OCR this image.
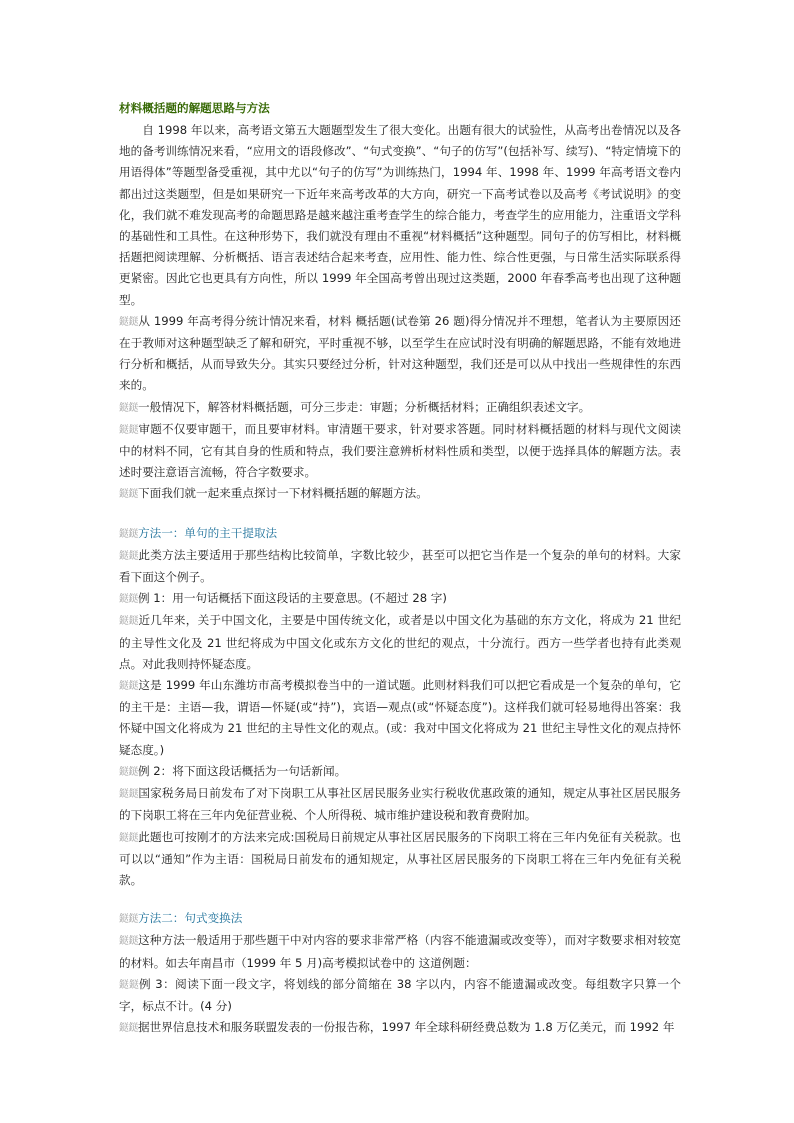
材料概括题的解题思路与方法

自 1998 年以来，高考语文第五大题题型发生了很大变化。出题有很大的试验性，从高考出卷情况以及各地的备考训练情况来看，“应用文的语段修改”、“句式变换”、“句子的仿写”(包括补写、续写)、“特定情境下的用语得体”等题型备受重视，其中尤以“句子的仿写”为训练热门，1994 年、1998 年、1999 年高考语文卷内都出过这类题型，但是如果研究一下近年来高考改革的大方向，研究一下高考试卷以及高考《考试说明》的变化，我们就不难发现高考的命题思路是越来越注重考查学生的综合能力，考查学生的应用能力，注重语文学科的基础性和工具性。在这种形势下，我们就没有理由不重视“材料概括”这种题型。同句子的仿写相比，材料概括题把阅读理解、分析概括、语言表述结合起来考查，应用性、能力性、综合性更强，与日常生活实际联系得更紧密。因此它也更具有方向性，所以 1999 年全国高考曾出现过这类题，2000 年春季高考也出现了这种题型。

鎹鎹从 1999 年高考得分统计情况来看，材料 概括题(试卷第 26 题)得分情况并不理想，笔者认为主要原因还在于教师对这种题型缺乏了解和研究，平时重视不够，以至学生在应试时没有明确的解题思路，不能有效地进行分析和概括，从而导致失分。其实只要经过分析，针对这种题型，我们还是可以从中找出一些规律性的东西来的。

鎹鎹一般情况下，解答材料概括题，可分三步走：审题；分析概括材料；正确组织表述文字。

鎹鎹审题不仅要审题干，而且要审材料。审清题干要求，针对要求答题。同时材料概括题的材料与现代文阅读中的材料不同，它有其自身的性质和特点，我们要注意辨析材料性质和类型，以便于选择具体的解题方法。表述时要注意语言流畅，符合字数要求。

鎹鎹下面我们就一起来重点探讨一下材料概括题的解题方法。

鎹鎹方法一：单句的主干提取法

鎹鎹此类方法主要适用于那些结构比较简单，字数比较少，甚至可以把它当作是一个复杂的单句的材料。大家看下面这个例子。

鎹鎹例 1：用一句话概括下面这段话的主要意思。(不超过 28 字)

鎹鎹近几年来，关于中国文化，主要是中国传统文化，或者是以中国文化为基础的东方文化，将成为 21 世纪的主导性文化及 21 世纪将成为中国文化或东方文化的世纪的观点，十分流行。西方一些学者也持有此类观点。对此我则持怀疑态度。

鎹鎹这是 1999 年山东潍坊市高考模拟卷当中的一道试题。此则材料我们可以把它看成是一个复杂的单句，它的主干是：主语—我，谓语—怀疑(或“持”)，宾语—观点(或“怀疑态度”)。这样我们就可轻易地得出答案：我怀疑中国文化将成为 21 世纪的主导性文化的观点。(或：我对中国文化将成为 21 世纪主导性文化的观点持怀疑态度。)

鎹鎹例 2：将下面这段话概括为一句话新闻。

鎹鎹国家税务局日前发布了对下岗职工从事社区居民服务业实行税收优惠政策的通知，规定从事社区居民服务的下岗职工将在三年内免征营业税、个人所得税、城市维护建设税和教育费附加。

鎹鎹此题也可按刚才的方法来完成:国税局日前规定从事社区居民服务的下岗职工将在三年内免征有关税款。也可以以“通知”作为主语：国税局日前发布的通知规定，从事社区居民服务的下岗职工将在三年内免征有关税款。

鎹鎹方法二：句式变换法

鎹鎹这种方法一般适用于那些题干中对内容的要求非常严格（内容不能遗漏或改变等），而对字数要求相对较宽的材料。如去年南昌市（1999 年 5 月)高考模拟试卷中的 这道例题：

鎹鎹例 3：阅读下面一段文字，将划线的部分简缩在 38 字以内，内容不能遗漏或改变。每组数字只算一个字，标点不计。(4 分)

鎹鎹据世界信息技术和服务联盟发表的一份报告称，1997 年全球科研经费总数为 1.8 万亿美元，而 1992 年
